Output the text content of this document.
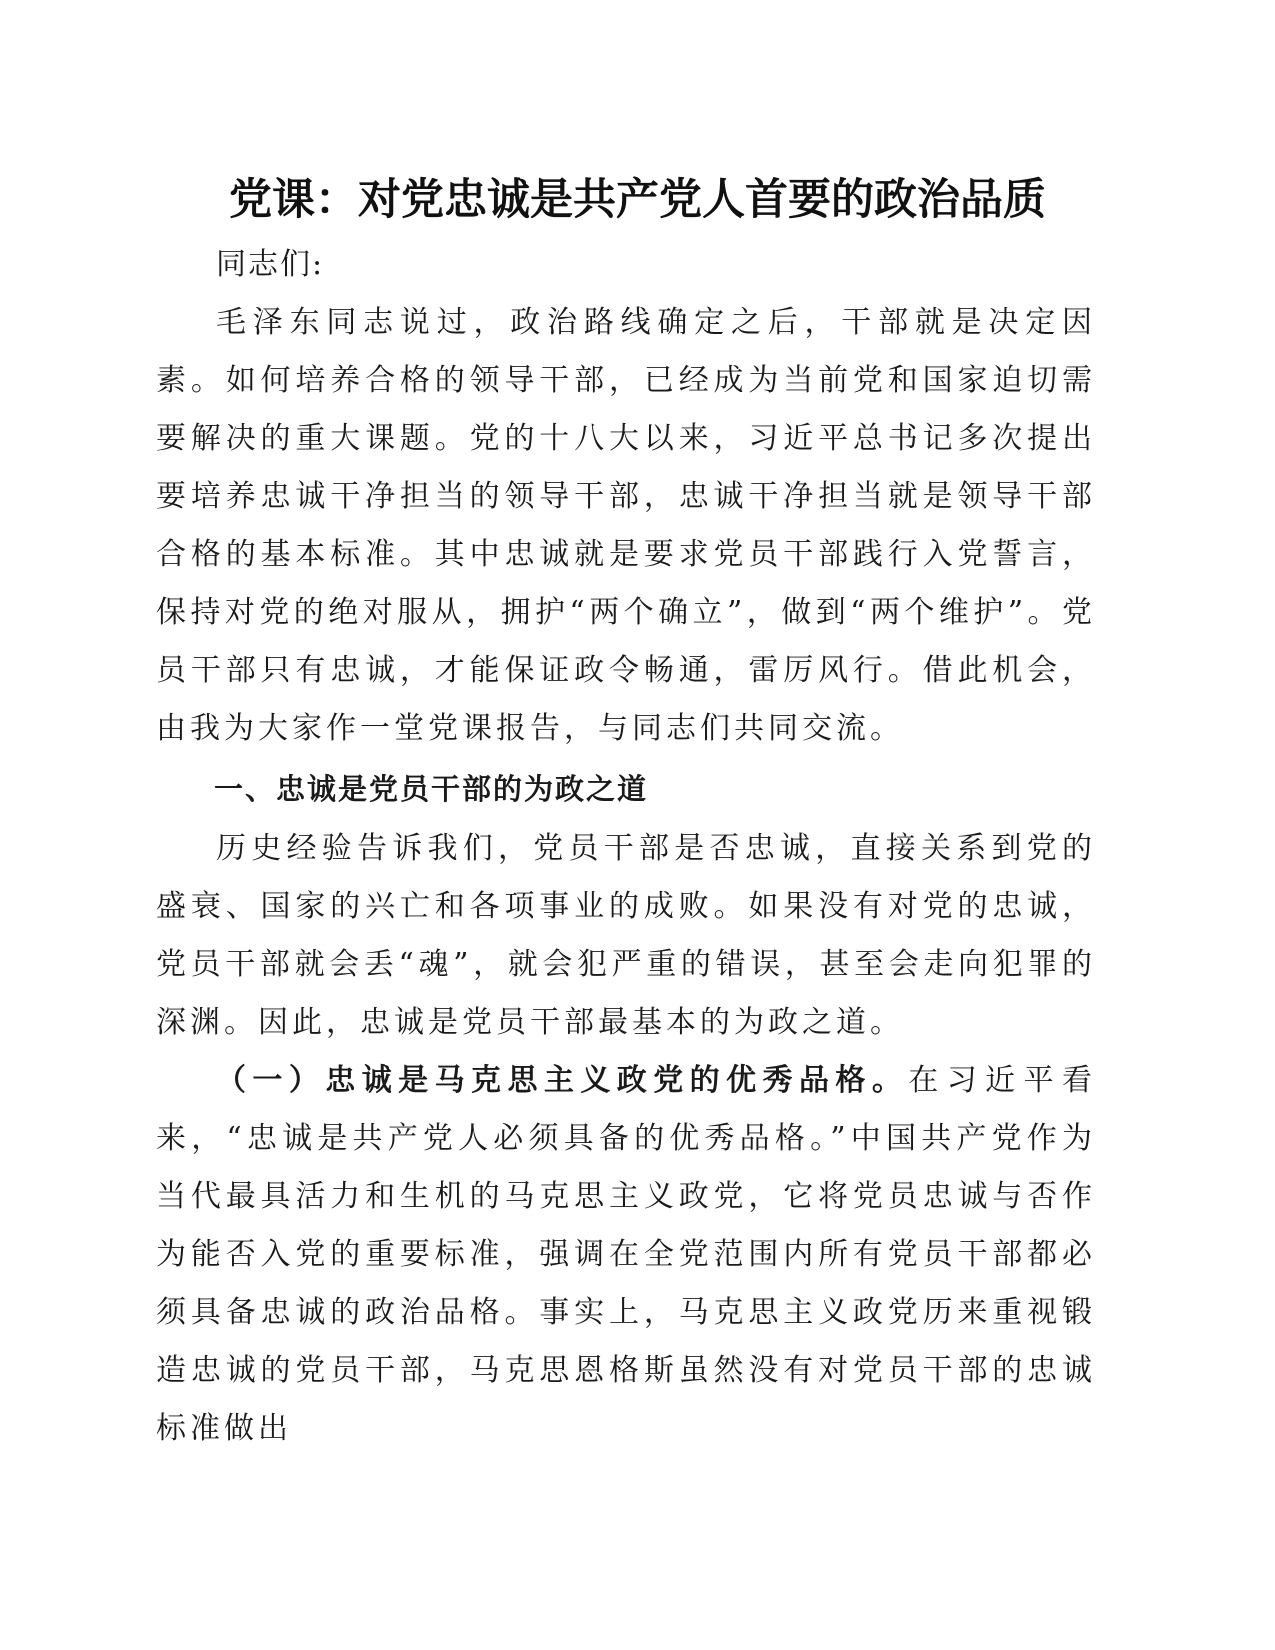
党课：对党忠诚是共产党人首要的政治品质

同志们:

毛泽东同志说过，政治路线确定之后，干部就是决定因素。如何培养合格的领导干部，已经成为当前党和国家迫切需要解决的重大课题。党的十八大以来，习近平总书记多次提出要培养忠诚干净担当的领导干部，忠诚干净担当就是领导干部合格的基本标准。其中忠诚就是要求党员干部践行入党誓言，保持对党的绝对服从，拥护“两个确立”，做到“两个维护”。党员干部只有忠诚，才能保证政令畅通，雷厉风行。借此机会，由我为大家作一堂党课报告，与同志们共同交流。

一、忠诚是党员干部的为政之道

历史经验告诉我们，党员干部是否忠诚，直接关系到党的盛衰、国家的兴亡和各项事业的成败。如果没有对党的忠诚，党员干部就会丢“魂”，就会犯严重的错误，甚至会走向犯罪的深渊。因此，忠诚是党员干部最基本的为政之道。

（一）忠诚是马克思主义政党的优秀品格。在习近平看来，“忠诚是共产党人必须具备的优秀品格。”中国共产党作为当代最具活力和生机的马克思主义政党，它将党员忠诚与否作为能否入党的重要标准，强调在全党范围内所有党员干部都必须具备忠诚的政治品格。事实上，马克思主义政党历来重视锻造忠诚的党员干部，马克思恩格斯虽然没有对党员干部的忠诚标准做出
